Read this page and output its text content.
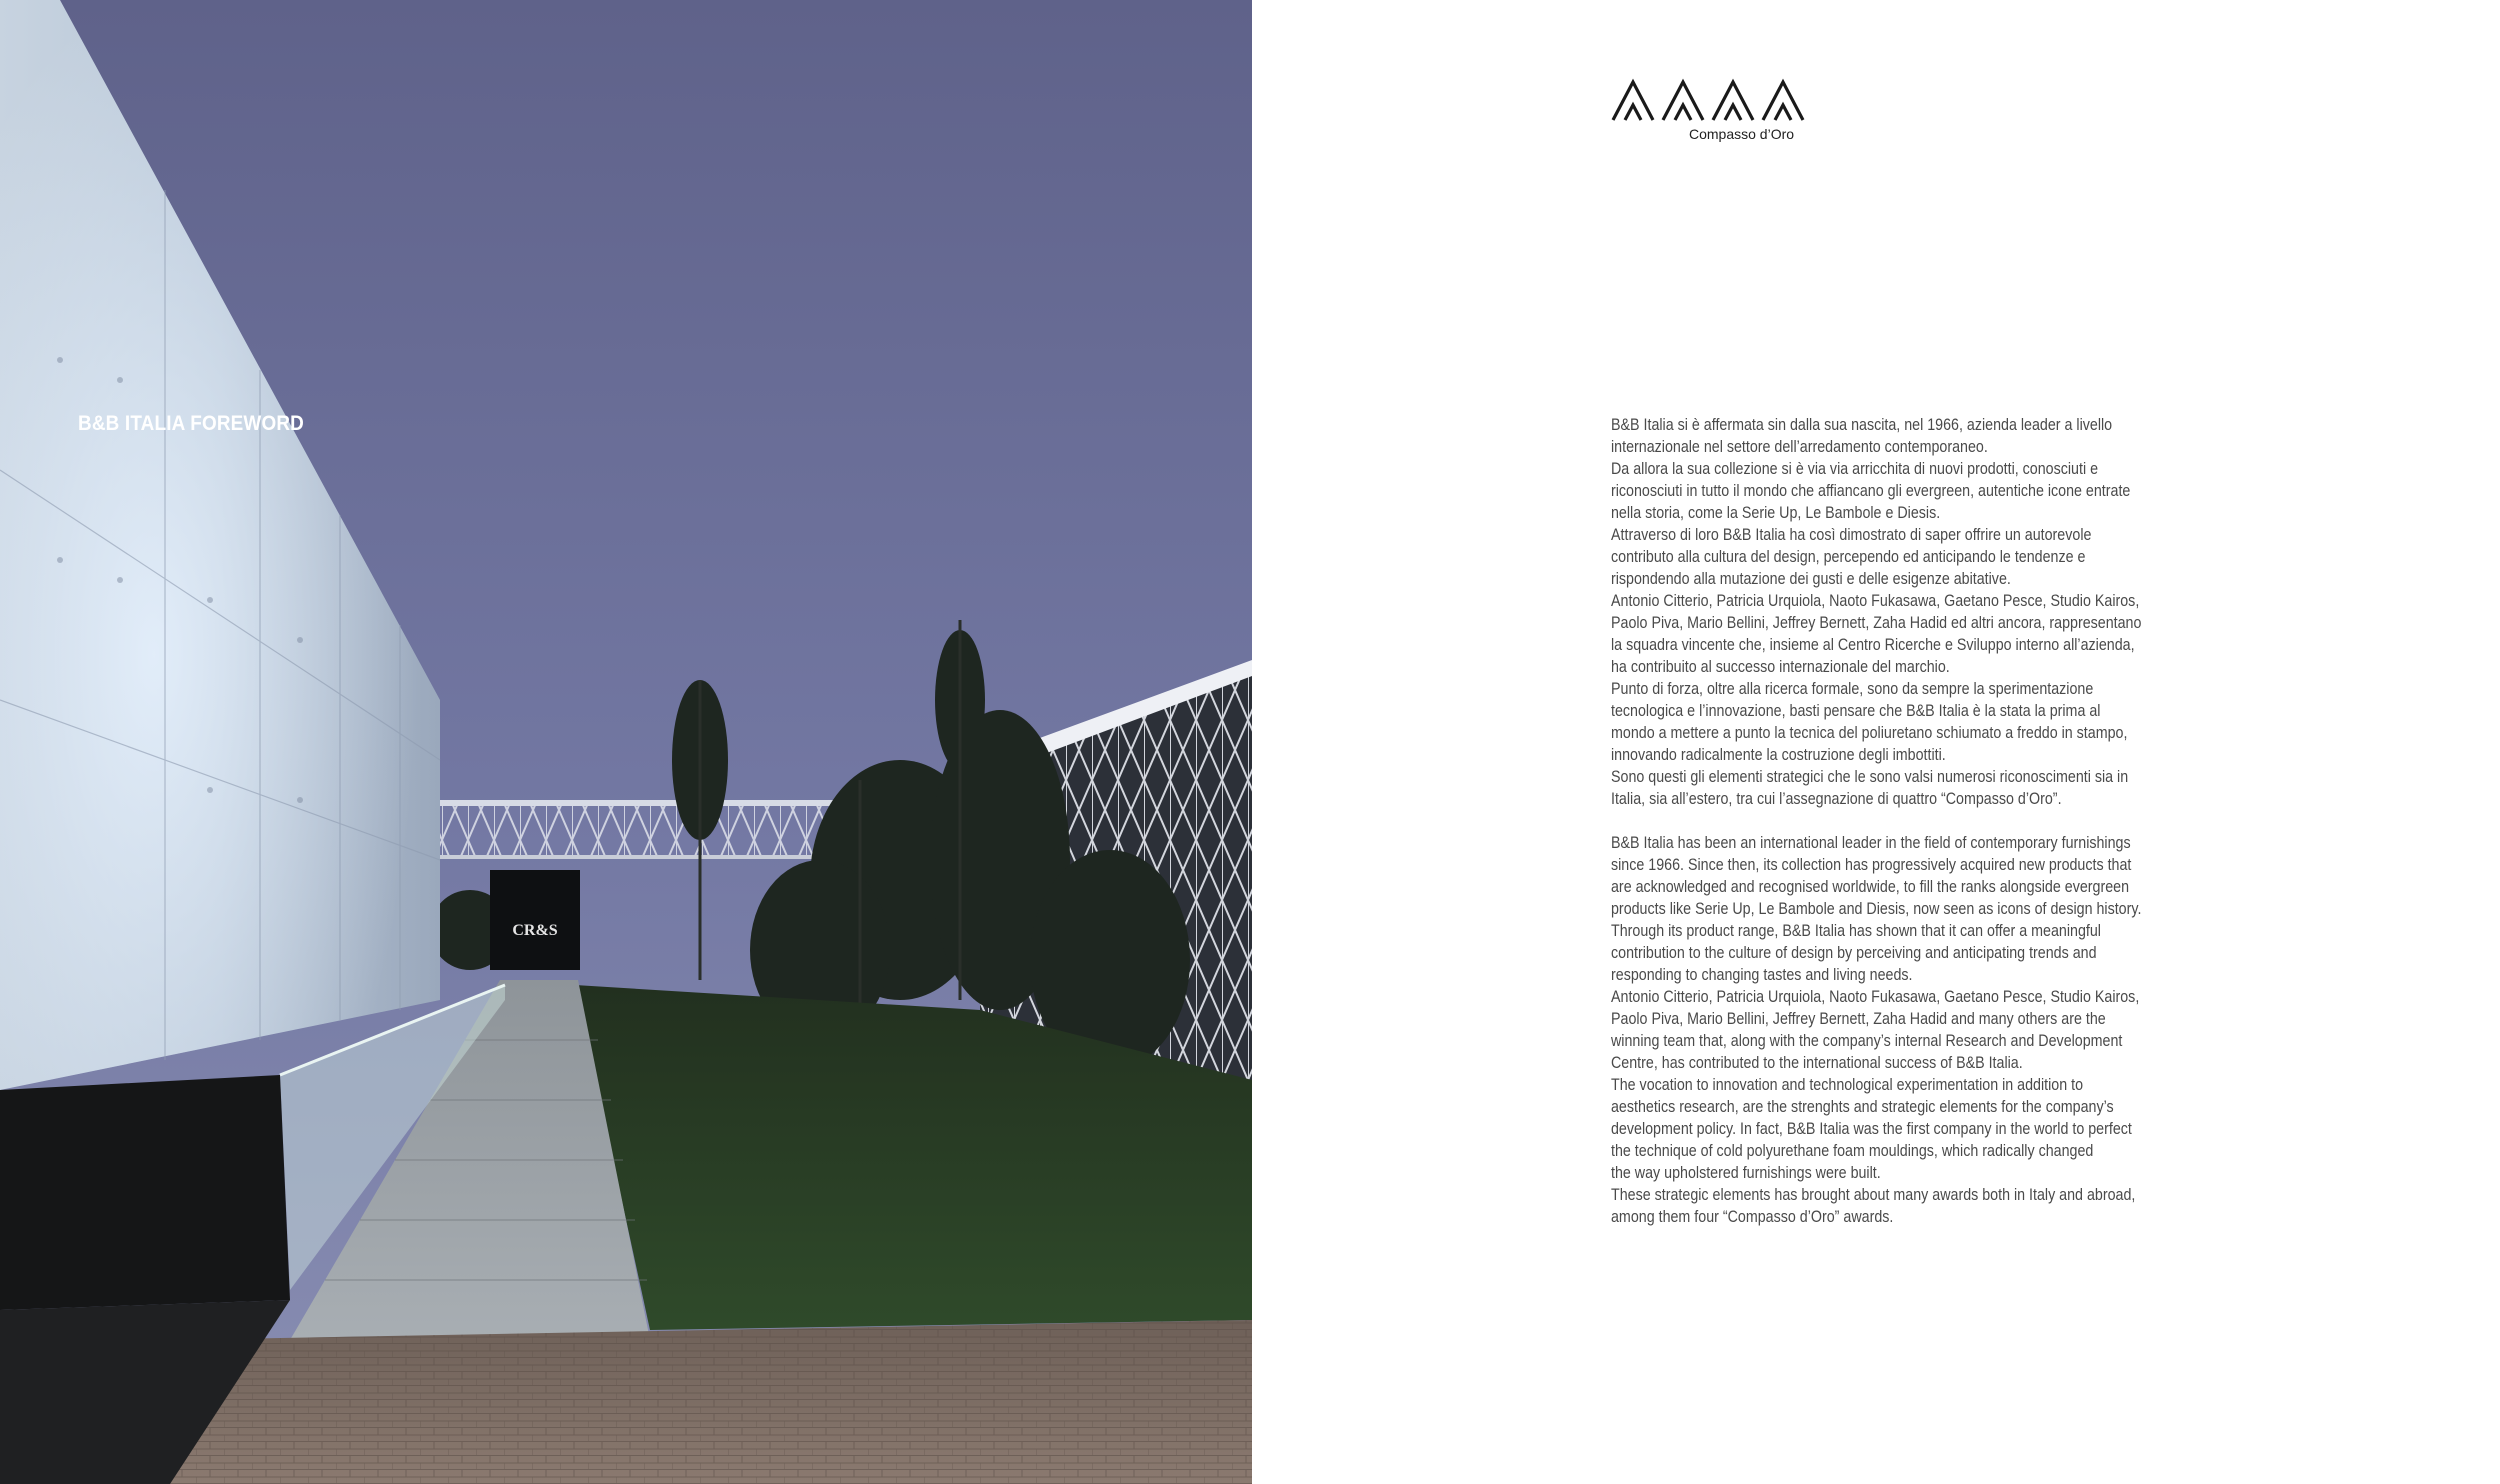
CR&S
B&B ITALIA FOREWORD
Compasso d’Oro

B&B Italia si è affermata sin dalla sua nascita, nel 1966, azienda leader a livello

internazionale nel settore dell’arredamento contemporaneo.

Da allora la sua collezione si è via via arricchita di nuovi prodotti, conosciuti e

riconosciuti in tutto il mondo che affiancano gli evergreen, autentiche icone entrate

nella storia, come la Serie Up, Le Bambole e Diesis.

Attraverso di loro B&B Italia ha così dimostrato di saper offrire un autorevole

contributo alla cultura del design, percependo ed anticipando le tendenze e

rispondendo alla mutazione dei gusti e delle esigenze abitative.

Antonio Citterio, Patricia Urquiola, Naoto Fukasawa, Gaetano Pesce, Studio Kairos,

Paolo Piva, Mario Bellini, Jeffrey Bernett, Zaha Hadid ed altri ancora, rappresentano

la squadra vincente che, insieme al Centro Ricerche e Sviluppo interno all’azienda,

ha contribuito al successo internazionale del marchio.

Punto di forza, oltre alla ricerca formale, sono da sempre la sperimentazione

tecnologica e l’innovazione, basti pensare che B&B Italia è la stata la prima al

mondo a mettere a punto la tecnica del poliuretano schiumato a freddo in stampo,

innovando radicalmente la costruzione degli imbottiti.

Sono questi gli elementi strategici che le sono valsi numerosi riconoscimenti sia in

Italia, sia all’estero, tra cui l’assegnazione di quattro “Compasso d’Oro”.

B&B Italia has been an international leader in the field of contemporary furnishings

since 1966. Since then, its collection has progressively acquired new products that

are acknowledged and recognised worldwide, to fill the ranks alongside evergreen

products like Serie Up, Le Bambole and Diesis, now seen as icons of design history.

Through its product range, B&B Italia has shown that it can offer a meaningful

contribution to the culture of design by perceiving and anticipating trends and

responding to changing tastes and living needs.

Antonio Citterio, Patricia Urquiola, Naoto Fukasawa, Gaetano Pesce, Studio Kairos,

Paolo Piva, Mario Bellini, Jeffrey Bernett, Zaha Hadid and many others are the

winning team that, along with the company’s internal Research and Development

Centre, has contributed to the international success of B&B Italia.

The vocation to innovation and technological experimentation in addition to

aesthetics research, are the strenghts and strategic elements for the company’s

development policy. In fact, B&B Italia was the first company in the world to perfect

the technique of cold polyurethane foam mouldings, which radically changed

the way upholstered furnishings were built.

These strategic elements has brought about many awards both in Italy and abroad,

among them four “Compasso d’Oro” awards.
